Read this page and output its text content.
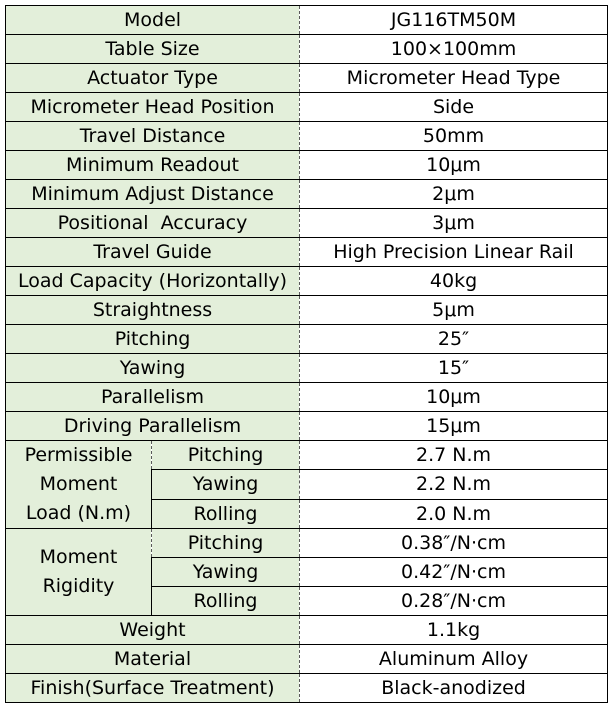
Model		JG116TM50M
Table Size		100×100mm
Actuator Type		Micrometer Head Type
Micrometer Head Position		Side
Travel Distance		50mm
Minimum Readout		10μm
Minimum Adjust Distance		2μm
Positional  Accuracy		3μm
Travel Guide		High Precision Linear Rail
Load Capacity (Horizontally)		40kg
Straightness		5μm
Pitching		25″
Yawing		15″
Parallelism		10μm
Driving Parallelism		15μm

Permissible
Moment
Load (N.m)	Pitching	2.7 N.m
	Yawing	2.2 N.m
	Rolling	2.0 N.m

Moment
Rigidity	Pitching	0.38″/N·cm
	Yawing	0.42″/N·cm
	Rolling	0.28″/N·cm
Weight		1.1kg
Material		Aluminum Alloy
Finish(Surface Treatment)		Black-anodized
